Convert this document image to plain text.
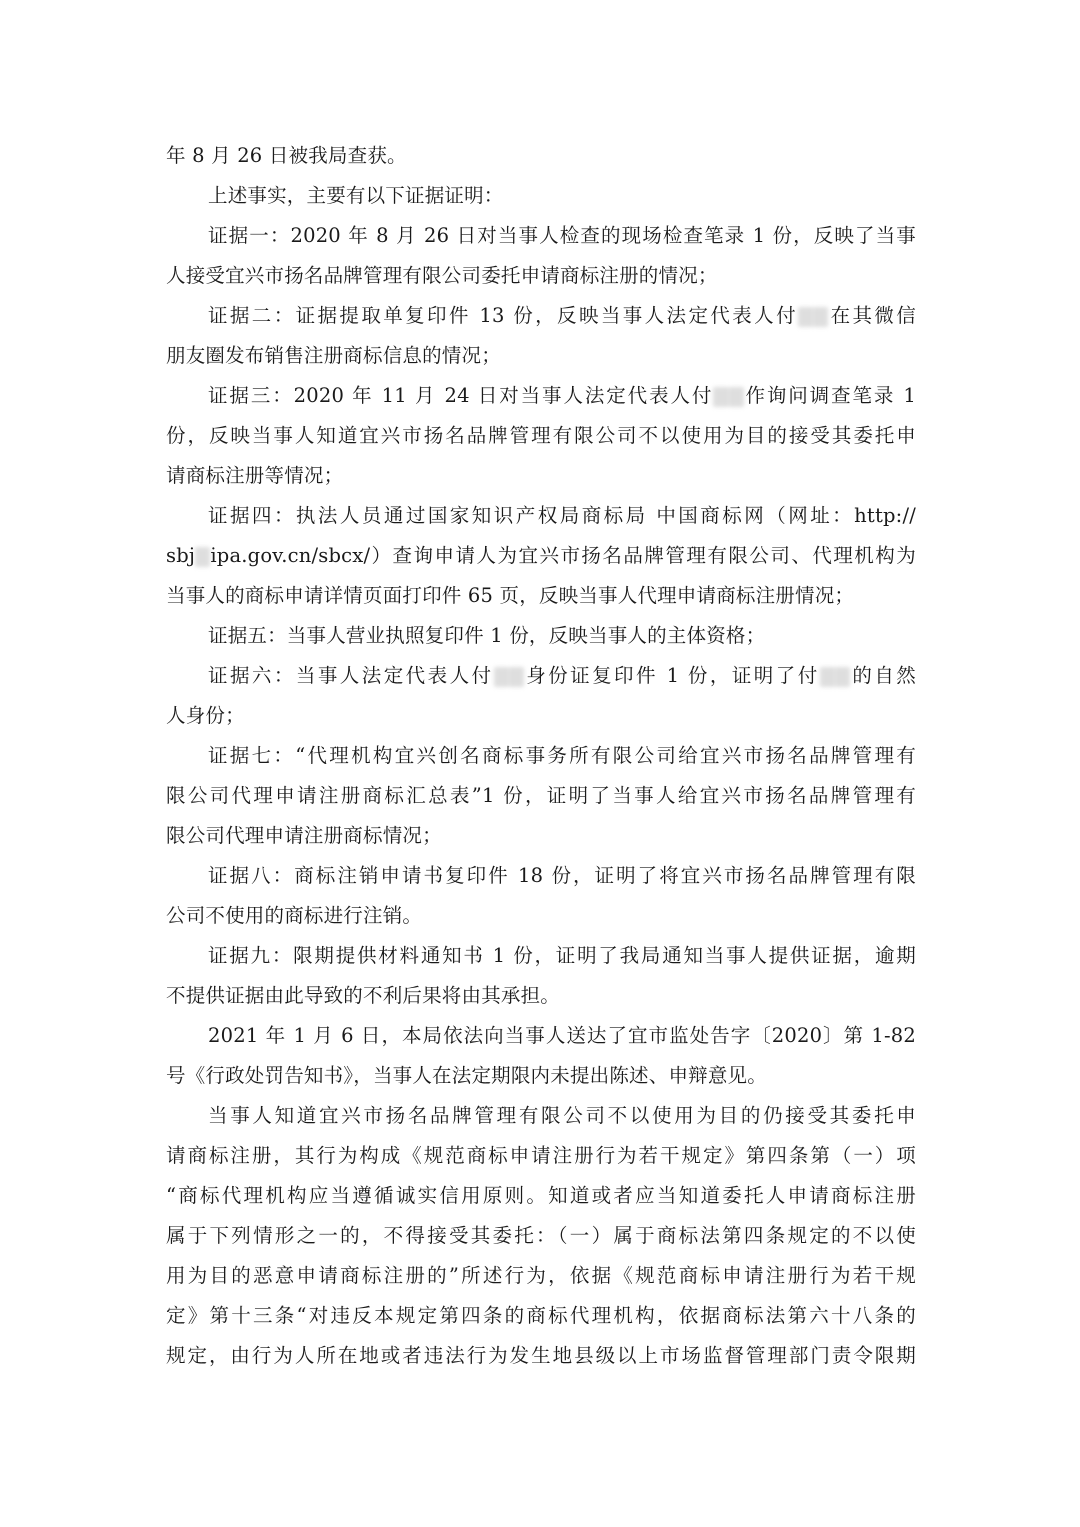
年 8 月 26 日被我局查获。
上述事实，主要有以下证据证明：
证据一：2020 年 8 月 26 日对当事人检查的现场检查笔录 1 份，反映了当事
人接受宜兴市扬名品牌管理有限公司委托申请商标注册的情况；
证据二：证据提取单复印件 13 份，反映当事人法定代表人付 在其微信
朋友圈发布销售注册商标信息的情况；
证据三：2020 年 11 月 24 日对当事人法定代表人付 作询问调查笔录 1
份，反映当事人知道宜兴市扬名品牌管理有限公司不以使用为目的接受其委托申
请商标注册等情况；
证据四：执法人员通过国家知识产权局商标局 中国商标网（网址：http://
sbj ipa.gov.cn/sbcx/）查询申请人为宜兴市扬名品牌管理有限公司、代理机构为
当事人的商标申请详情页面打印件 65 页，反映当事人代理申请商标注册情况；
证据五：当事人营业执照复印件 1 份，反映当事人的主体资格；
证据六：当事人法定代表人付 身份证复印件 1 份，证明了付 的自然
人身份；
证据七：“代理机构宜兴创名商标事务所有限公司给宜兴市扬名品牌管理有
限公司代理申请注册商标汇总表”1 份，证明了当事人给宜兴市扬名品牌管理有
限公司代理申请注册商标情况；
证据八：商标注销申请书复印件 18 份，证明了将宜兴市扬名品牌管理有限
公司不使用的商标进行注销。
证据九：限期提供材料通知书 1 份，证明了我局通知当事人提供证据，逾期
不提供证据由此导致的不利后果将由其承担。
2021 年 1 月 6 日，本局依法向当事人送达了宜市监处告字〔2020〕第 1-82
号《行政处罚告知书》，当事人在法定期限内未提出陈述、申辩意见。
当事人知道宜兴市扬名品牌管理有限公司不以使用为目的仍接受其委托申
请商标注册，其行为构成《规范商标申请注册行为若干规定》第四条第（一）项
“商标代理机构应当遵循诚实信用原则。知道或者应当知道委托人申请商标注册
属于下列情形之一的，不得接受其委托：（一）属于商标法第四条规定的不以使
用为目的恶意申请商标注册的”所述行为，依据《规范商标申请注册行为若干规
定》第十三条“对违反本规定第四条的商标代理机构，依据商标法第六十八条的
规定，由行为人所在地或者违法行为发生地县级以上市场监督管理部门责令限期
